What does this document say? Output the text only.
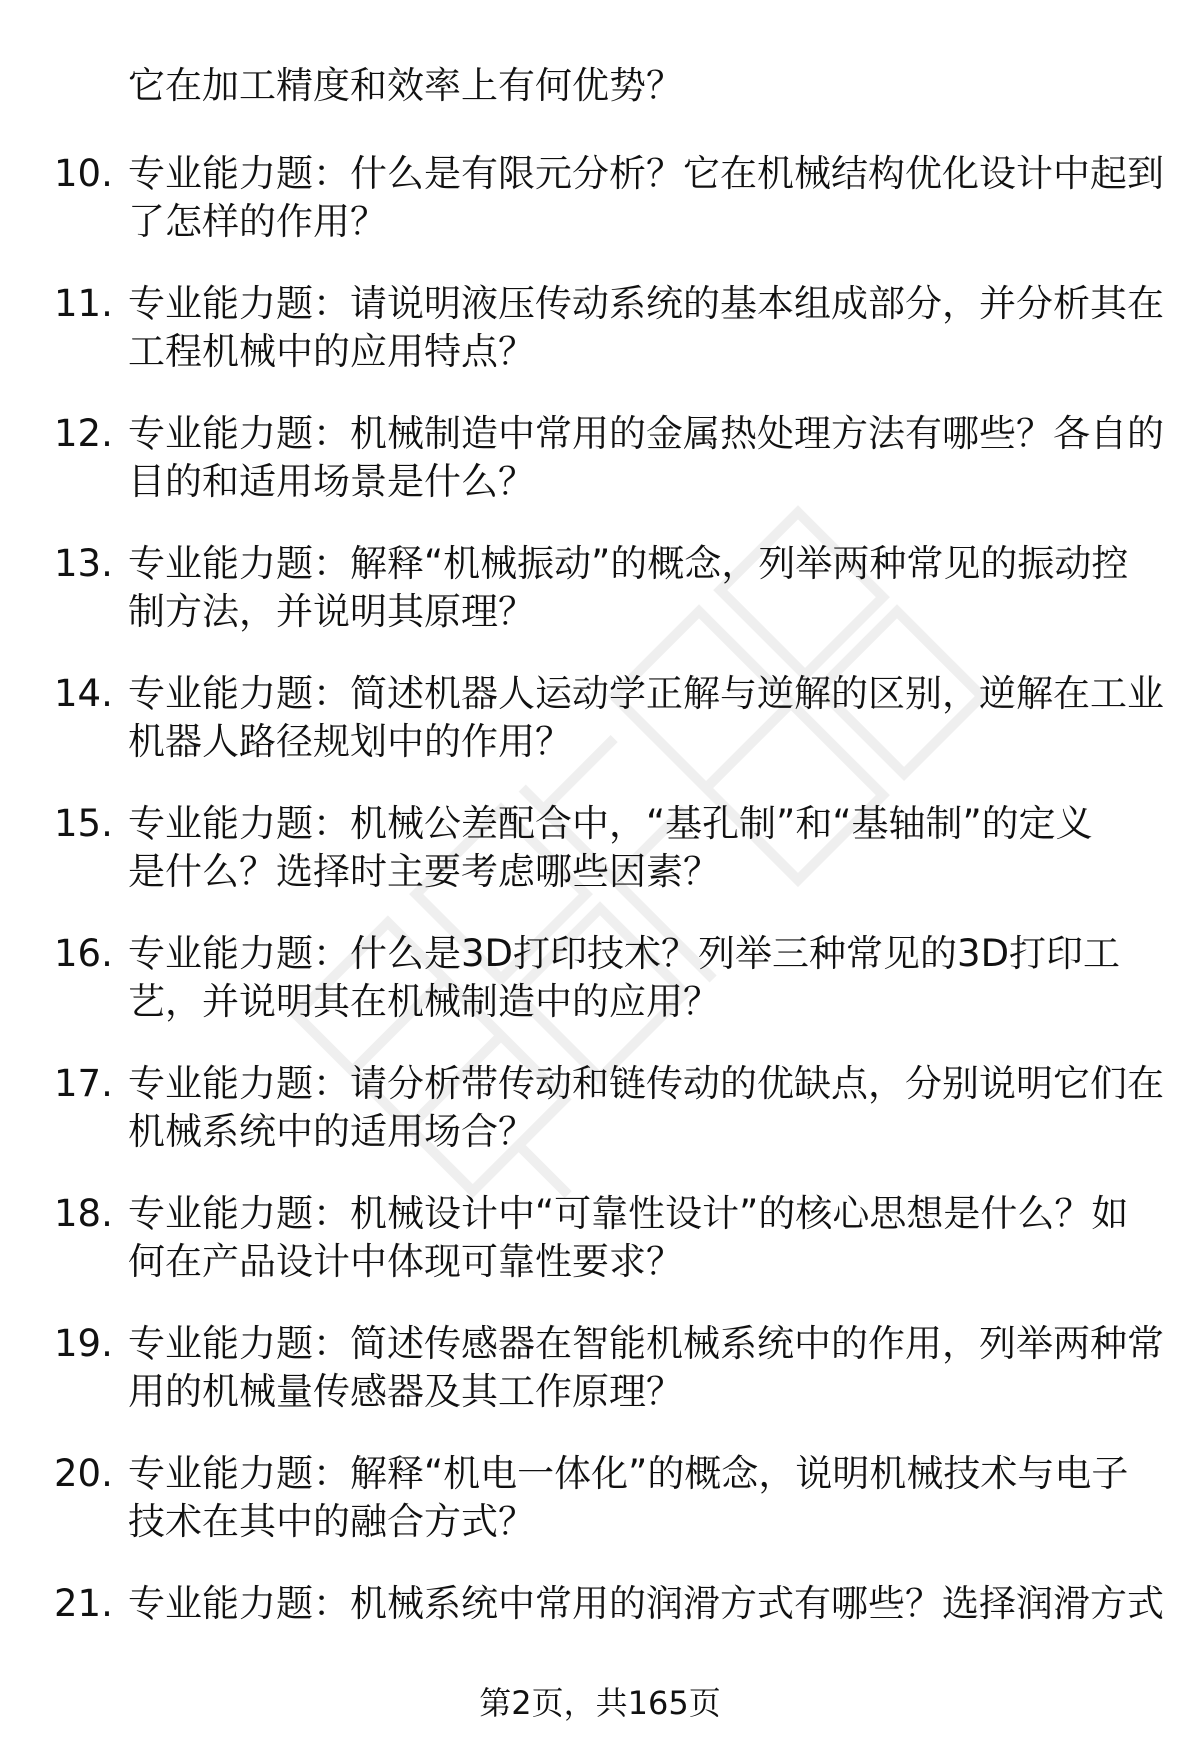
它在加工精度和效率上有何优势？
10. 专业能力题：什么是有限元分析？它在机械结构优化设计中起到
了怎样的作用？
11. 专业能力题：请说明液压传动系统的基本组成部分，并分析其在
工程机械中的应用特点？
12. 专业能力题：机械制造中常用的金属热处理方法有哪些？各自的
目的和适用场景是什么？
13. 专业能力题：解释“机械振动”的概念，列举两种常见的振动控
制方法，并说明其原理？
14. 专业能力题：简述机器人运动学正解与逆解的区别，逆解在工业
机器人路径规划中的作用？
15. 专业能力题：机械公差配合中，“基孔制”和“基轴制”的定义
是什么？选择时主要考虑哪些因素？
16. 专业能力题：什么是3D打印技术？列举三种常见的3D打印工
艺，并说明其在机械制造中的应用？
17. 专业能力题：请分析带传动和链传动的优缺点，分别说明它们在
机械系统中的适用场合？
18. 专业能力题：机械设计中“可靠性设计”的核心思想是什么？如
何在产品设计中体现可靠性要求？
19. 专业能力题：简述传感器在智能机械系统中的作用，列举两种常
用的机械量传感器及其工作原理？
20. 专业能力题：解释“机电一体化”的概念，说明机械技术与电子
技术在其中的融合方式？
21. 专业能力题：机械系统中常用的润滑方式有哪些？选择润滑方式
第2页，共165页
